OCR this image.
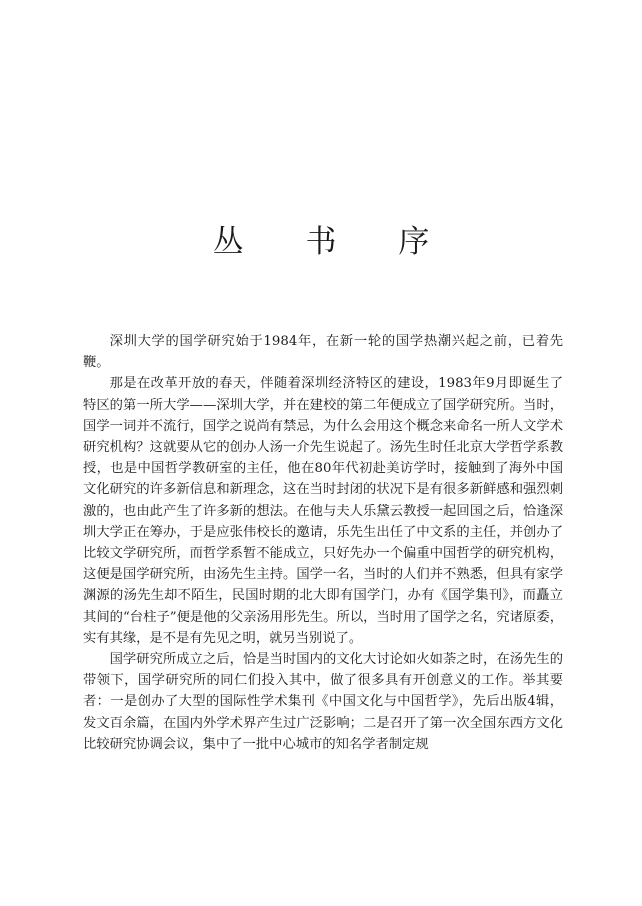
丛 书 序

深圳大学的国学研究始于1984年，在新一轮的国学热潮兴起之前，已着先鞭。

那是在改革开放的春天，伴随着深圳经济特区的建设，1983年9月即诞生了特区的第一所大学——深圳大学，并在建校的第二年便成立了国学研究所。当时，国学一词并不流行，国学之说尚有禁忌，为什么会用这个概念来命名一所人文学术研究机构？这就要从它的创办人汤一介先生说起了。汤先生时任北京大学哲学系教授，也是中国哲学教研室的主任，他在80年代初赴美访学时，接触到了海外中国文化研究的许多新信息和新理念，这在当时封闭的状况下是有很多新鲜感和强烈刺激的，也由此产生了许多新的想法。在他与夫人乐黛云教授一起回国之后，恰逢深圳大学正在筹办，于是应张伟校长的邀请，乐先生出任了中文系的主任，并创办了比较文学研究所，而哲学系暂不能成立，只好先办一个偏重中国哲学的研究机构，这便是国学研究所，由汤先生主持。国学一名，当时的人们并不熟悉，但具有家学渊源的汤先生却不陌生，民国时期的北大即有国学门，办有《国学集刊》，而矗立其间的“台柱子”便是他的父亲汤用彤先生。所以，当时用了国学之名，究诸原委，实有其缘，是不是有先见之明，就另当别说了。

国学研究所成立之后，恰是当时国内的文化大讨论如火如荼之时，在汤先生的带领下，国学研究所的同仁们投入其中，做了很多具有开创意义的工作。举其要者：一是创办了大型的国际性学术集刊《中国文化与中国哲学》，先后出版4辑，发文百余篇，在国内外学术界产生过广泛影响；二是召开了第一次全国东西方文化比较研究协调会议，集中了一批中心城市的知名学者制定规
